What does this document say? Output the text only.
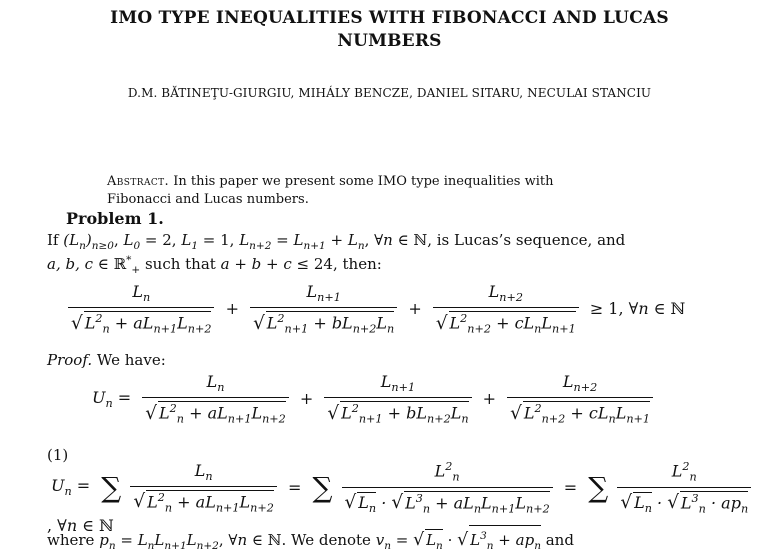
IMO TYPE INEQUALITIES WITH FIBONACCI AND LUCAS
NUMBERS
D.M. BĂTINEŢU-GIURGIU, MIHÁLY BENCZE, DANIEL SITARU, NECULAI STANCIU
Abstract. In this paper we present some IMO type inequalities with Fibonacci and Lucas numbers.
Problem 1.
If $(L_n)_{n\ge 0}$, $L_0 = 2$, $L_1 = 1$, $L_{n+2} = L_{n+1} + L_n$, ∀n ∈ ℕ, is Lucas’s sequence, and
a, b, c ∈ ℝ*$_+$ such that a + b + c ≤ 24, then:
$\frac{L_n}{√ L^2_n + aL_{n+1}L_{n+2}} + \frac{L_{n+1}}{√ L^2_{n+1} + bL_{n+2}L_n} + \frac{L_{n+2}}{√ L^2_{n+2} + cL_nL_{n+1}} \ge 1$, ∀n ∈ ℕ
Proof. We have:
$U_n = \frac{L_n}{√ L^2_n + aL_{n+1}L_{n+2}} + \frac{L_{n+1}}{√ L^2_{n+1} + bL_{n+2}L_n} + \frac{L_{n+2}}{√ L^2_{n+2} + cL_nL_{n+1}}$
(1)
$U_n$ = ∑ $\frac{L_n}{√ L^2_n + aL_{n+1}L_{n+2}}$ = ∑ $\frac{L^2_n}{√ L_n \cdot √ L^3_n + aL_nL_{n+1}L_{n+2}}$ = ∑ $\frac{L^2_n}{√ L_n \cdot √ L^3_n \cdot ap_n}$
, ∀n ∈ ℕ
where $p_n = L_nL_{n+1}L_{n+2}$, ∀n ∈ ℕ. We denote $v_n$ = √ $L_n$ · √ $L^3_n + ap_n$ and
